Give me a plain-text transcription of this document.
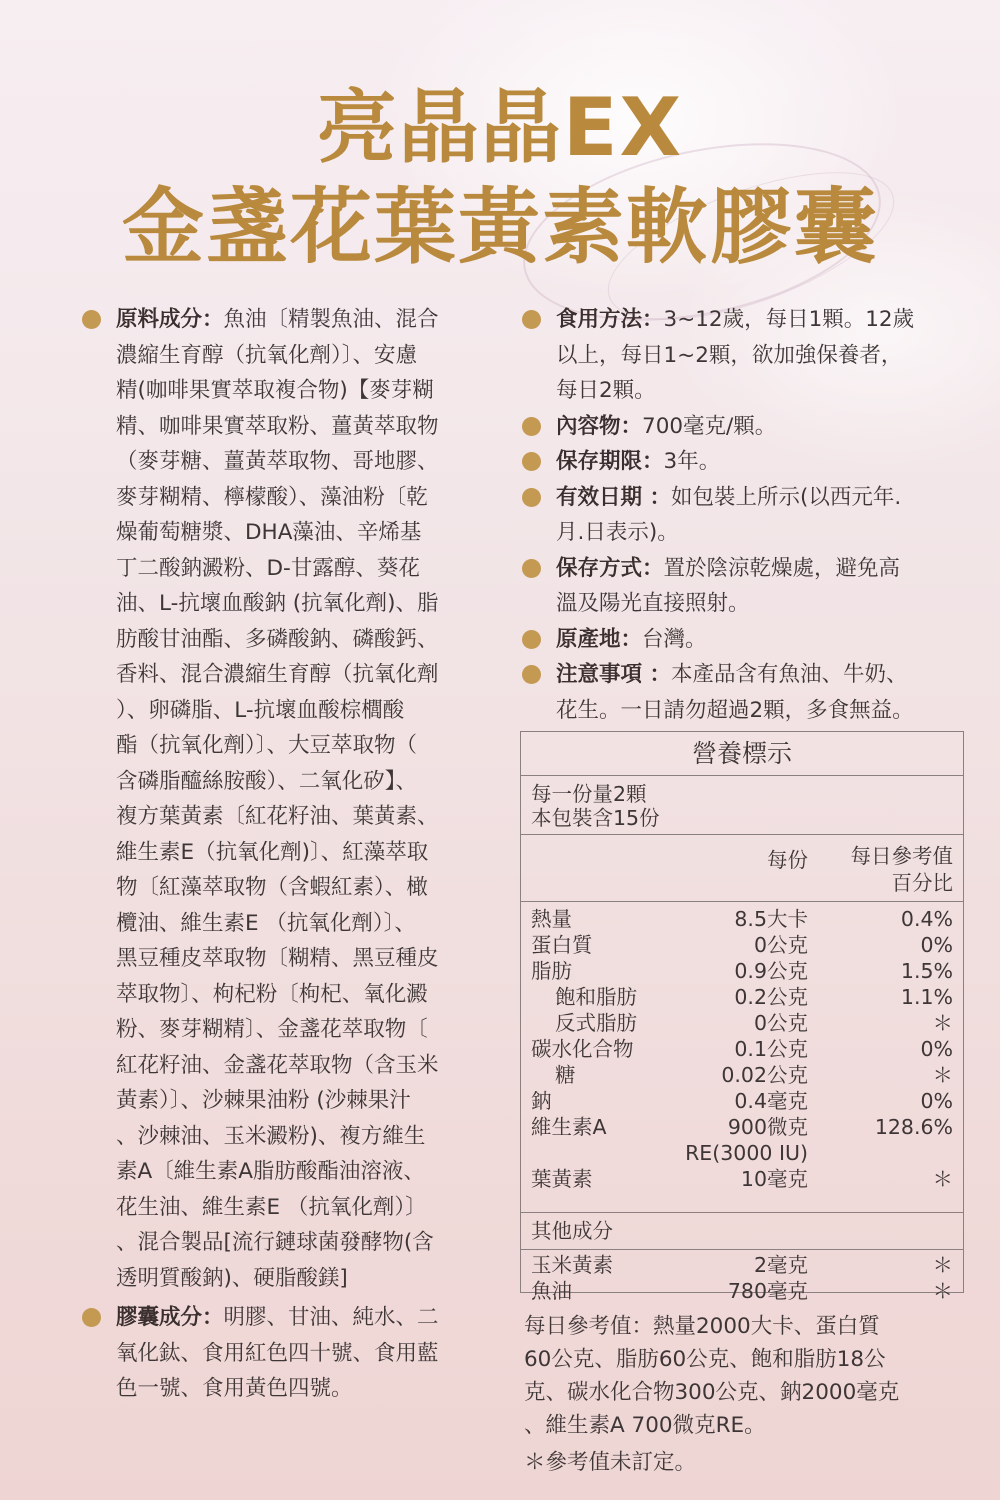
亮晶晶EX
金盞花葉黃素軟膠囊
原料成分：魚油〔精製魚油、混合
濃縮生育醇（抗氧化劑）〕、安慮
精(咖啡果實萃取複合物)【麥芽糊
精、咖啡果實萃取粉、薑黃萃取物
（麥芽糖、薑黃萃取物、哥地膠、
麥芽糊精、檸檬酸）、藻油粉〔乾
燥葡萄糖漿、DHA藻油、辛烯基
丁二酸鈉澱粉、D-甘露醇、葵花
油、L-抗壞血酸鈉 (抗氧化劑)、脂
肪酸甘油酯、多磷酸鈉、磷酸鈣、
香料、混合濃縮生育醇（抗氧化劑
）、卵磷脂、L-抗壞血酸棕櫚酸
酯（抗氧化劑）〕、大豆萃取物（
含磷脂醯絲胺酸）、二氧化矽】、
複方葉黃素〔紅花籽油、葉黃素、
維生素E（抗氧化劑)〕、紅藻萃取
物〔紅藻萃取物（含蝦紅素）、橄
欖油、維生素E （抗氧化劑）〕、
黑豆種皮萃取物〔糊精、黑豆種皮
萃取物〕、枸杞粉〔枸杞、氧化澱
粉、麥芽糊精〕、金盞花萃取物〔
紅花籽油、金盞花萃取物（含玉米
黃素）〕、沙棘果油粉 (沙棘果汁
、沙棘油、玉米澱粉)、複方維生
素A〔維生素A脂肪酸酯油溶液、
花生油、維生素E （抗氧化劑）〕
、混合製品[流行鏈球菌發酵物(含
透明質酸鈉)、硬脂酸鎂]
膠囊成分：明膠、甘油、純水、二
氧化鈦、食用紅色四十號、食用藍
色一號、食用黃色四號。
食用方法：3~12歲，每日1顆。12歲
以上，每日1~2顆，欲加強保養者，
每日2顆。
內容物：700毫克/顆。
保存期限：3年。
有效日期 ：如包裝上所示(以西元年.
月.日表示)。
保存方式：置於陰涼乾燥處，避免高
溫及陽光直接照射。
原產地：台灣。
注意事項 ：本產品含有魚油、牛奶、
花生。一日請勿超過2顆，多食無益。
營養標示
每一份量2顆
本包裝含15份
每份 每日參考值
百分比
熱量	8.5大卡	0.4%
蛋白質	0公克	0%
脂肪	0.9公克	1.5%
飽和脂肪	0.2公克	1.1%
反式脂肪	0公克	＊
碳水化合物	0.1公克	0%
糖	0.02公克	＊
鈉	0.4毫克	0%
維生素A	900微克	128.6%
RE(3000 IU)
葉黃素	10毫克	＊
其他成分
玉米黃素	2毫克	＊
魚油	780毫克	＊
每日參考值：熱量2000大卡、蛋白質
60公克、脂肪60公克、飽和脂肪18公
克、碳水化合物300公克、鈉2000毫克
、維生素A 700微克RE。
＊參考值未訂定。
